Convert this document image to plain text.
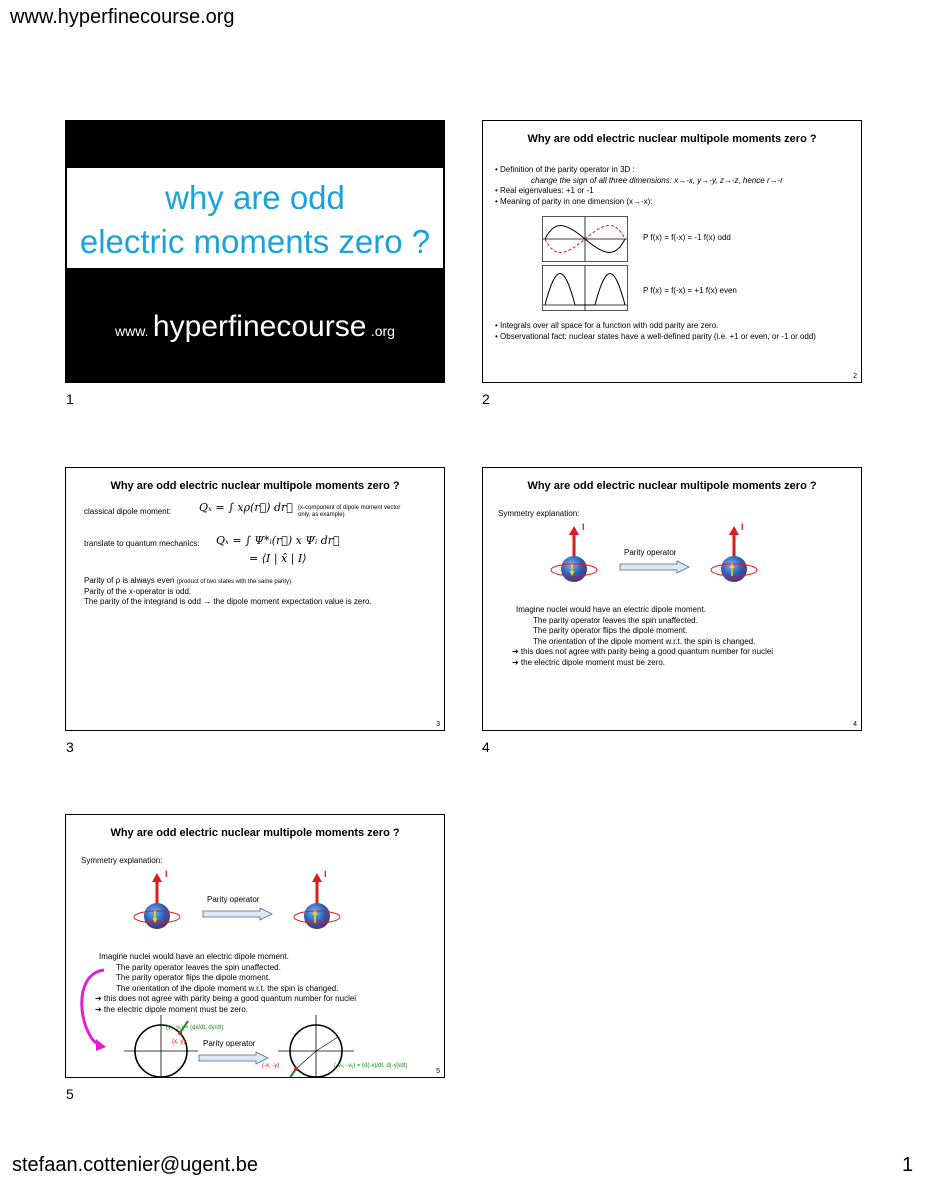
www.hyperfinecourse.org
stefaan.cottenier@ugent.be	1
why are odd
electric moments zero ?
www. hyperfinecourse .org
1
Why are odd electric nuclear multipole moments zero ?
• Definition of the parity operator in 3D :
change the sign of all three dimensions: x→-x, y→-y, z→-z, hence r→-r
• Real eigenvalues: +1 or -1
• Meaning of parity in one dimension (x→-x):
P f(x) = f(-x) = -1 f(x) odd
P f(x) = f(-x) = +1 f(x) even
• Integrals over all space for a function with odd parity are zero.
• Observational fact: nuclear states have a well-defined parity (i.e. +1 or even, or -1 or odd)
2
2
Why are odd electric nuclear multipole moments zero ?
classical dipole moment:	Qₓ = ∫ xρ(r⃗) dr⃗ (x-component of dipole moment vector only, as example)
translate to quantum mechanics: Qₓ = ∫ Ψ*ᵢ(r⃗) x Ψᵢ dr⃗
= ⟨I | x̂ | I⟩
Parity of ρ is always even (product of two states with the same parity).
Parity of the x-operator is odd.
The parity of the integrand is odd → the dipole moment expectation value is zero.
3
3
Why are odd electric nuclear multipole moments zero ?
Symmetry explanation:
I
Parity operator
I
Imagine nuclei would have an electric dipole moment.
The parity operator leaves the spin unaffected.
The parity operator flips the dipole moment.
The orientation of the dipole moment w.r.t. the spin is changed.
➔ this does not agree with parity being a good quantum number for nuclei
➔ the electric dipole moment must be zero.
4
4
Why are odd electric nuclear multipole moments zero ?
Symmetry explanation:
I
Parity operator
I
Imagine nuclei would have an electric dipole moment.
The parity operator leaves the spin unaffected.
The parity operator flips the dipole moment.
The orientation of the dipole moment w.r.t. the spin is changed.
➔ this does not agree with parity being a good quantum number for nuclei
➔ the electric dipole moment must be zero.
(vₓ, vᵧ) = (dx/dt, dy/dt)
(x, y) Parity operator
(-x, -y)	(-vₓ, -vᵧ) = (d(-x)/dt, d(-y)/dt)
5
5
